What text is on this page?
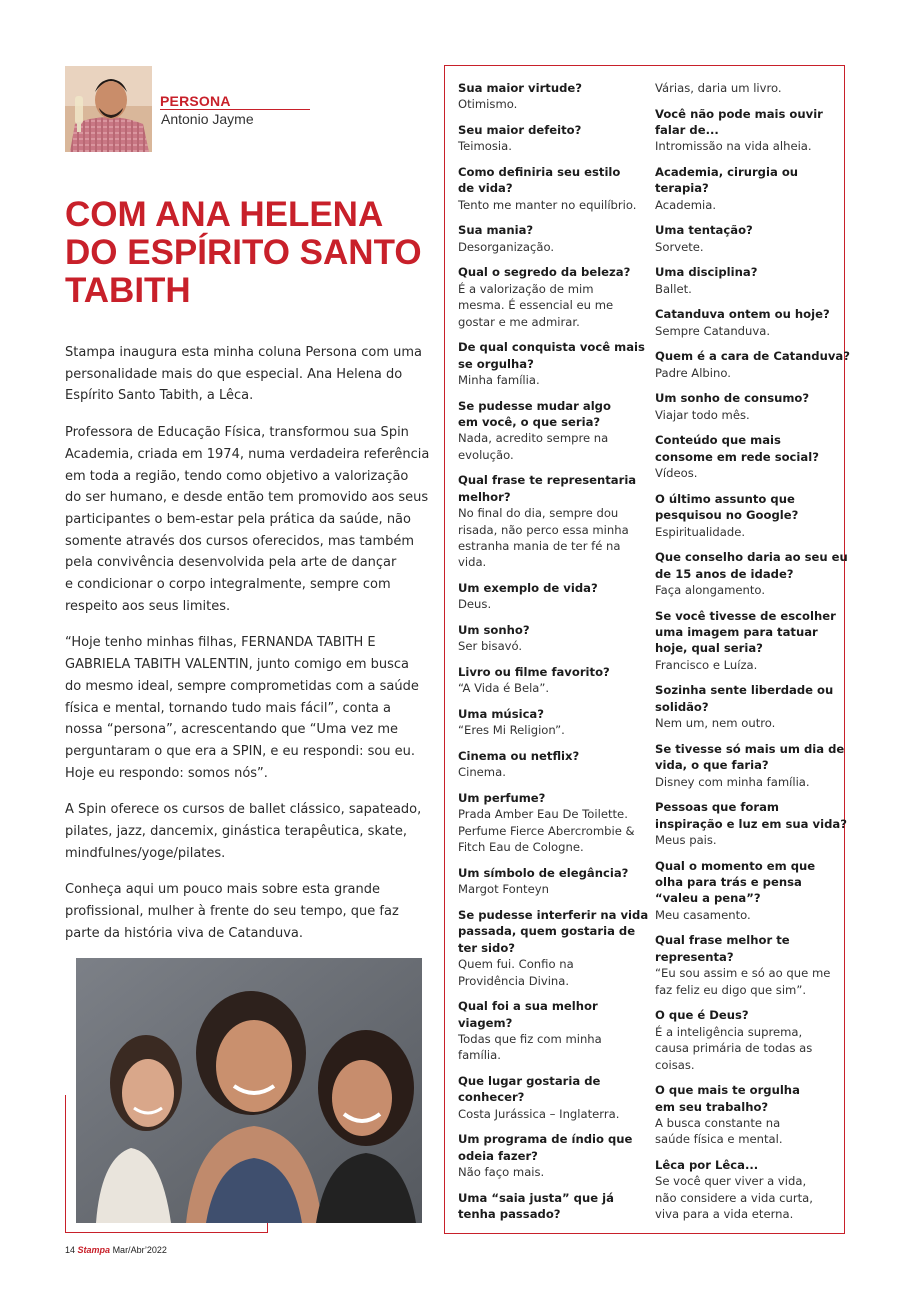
PERSONA
Antonio Jayme
COM ANA HELENA
DO ESPÍRITO SANTO
TABITH

Stampa inaugura esta minha coluna Persona com uma
personalidade mais do que especial. Ana Helena do
Espírito Santo Tabith, a Lêca.

Professora de Educação Física, transformou sua Spin
Academia, criada em 1974, numa verdadeira referência
em toda a região, tendo como objetivo a valorização
do ser humano, e desde então tem promovido aos seus
participantes o bem-estar pela prática da saúde, não
somente através dos cursos oferecidos, mas também
pela convivência desenvolvida pela arte de dançar
e condicionar o corpo integralmente, sempre com
respeito aos seus limites.

“Hoje tenho minhas filhas, FERNANDA TABITH E
GABRIELA TABITH VALENTIN, junto comigo em busca
do mesmo ideal, sempre comprometidas com a saúde
física e mental, tornando tudo mais fácil”, conta a
nossa “persona”, acrescentando que “Uma vez me
perguntaram o que era a SPIN, e eu respondi: sou eu.
Hoje eu respondo: somos nós”.

A Spin oferece os cursos de ballet clássico, sapateado,
pilates, jazz, dancemix, ginástica terapêutica, skate,
mindfulnes/yoge/pilates.

Conheça aqui um pouco mais sobre esta grande
profissional, mulher à frente do seu tempo, que faz
parte da história viva de Catanduva.

Sua maior virtude?
Otimismo.
Seu maior defeito?
Teimosia.
Como definiria seu estilo
de vida?
Tento me manter no equilíbrio.
Sua mania?
Desorganização.
Qual o segredo da beleza?
É a valorização de mim
mesma. É essencial eu me
gostar e me admirar.
De qual conquista você mais
se orgulha?
Minha família.
Se pudesse mudar algo
em você, o que seria?
Nada, acredito sempre na
evolução.
Qual frase te representaria
melhor?
No final do dia, sempre dou
risada, não perco essa minha
estranha mania de ter fé na
vida.
Um exemplo de vida?
Deus.
Um sonho?
Ser bisavó.
Livro ou filme favorito?
“A Vida é Bela”.
Uma música?
“Eres Mi Religion”.
Cinema ou netflix?
Cinema.
Um perfume?
Prada Amber Eau De Toilette.
Perfume Fierce Abercrombie &
Fitch Eau de Cologne.
Um símbolo de elegância?
Margot Fonteyn
Se pudesse interferir na vida
passada, quem gostaria de
ter sido?
Quem fui. Confio na
Providência Divina.
Qual foi a sua melhor
viagem?
Todas que fiz com minha
família.
Que lugar gostaria de
conhecer?
Costa Jurássica – Inglaterra.
Um programa de índio que
odeia fazer?
Não faço mais.
Uma “saia justa” que já
tenha passado?
Várias, daria um livro.
Você não pode mais ouvir
falar de...
Intromissão na vida alheia.
Academia, cirurgia ou
terapia?
Academia.
Uma tentação?
Sorvete.
Uma disciplina?
Ballet.
Catanduva ontem ou hoje?
Sempre Catanduva.
Quem é a cara de Catanduva?
Padre Albino.
Um sonho de consumo?
Viajar todo mês.
Conteúdo que mais
consome em rede social?
Vídeos.
O último assunto que
pesquisou no Google?
Espiritualidade.
Que conselho daria ao seu eu
de 15 anos de idade?
Faça alongamento.
Se você tivesse de escolher
uma imagem para tatuar
hoje, qual seria?
Francisco e Luíza.
Sozinha sente liberdade ou
solidão?
Nem um, nem outro.
Se tivesse só mais um dia de
vida, o que faria?
Disney com minha família.
Pessoas que foram
inspiração e luz em sua vida?
Meus pais.
Qual o momento em que
olha para trás e pensa
“valeu a pena”?
Meu casamento.
Qual frase melhor te
representa?
“Eu sou assim e só ao que me
faz feliz eu digo que sim”.
O que é Deus?
É a inteligência suprema,
causa primária de todas as
coisas.
O que mais te orgulha
em seu trabalho?
A busca constante na
saúde física e mental.
Lêca por Lêca...
Se você quer viver a vida,
não considere a vida curta,
viva para a vida eterna.
14 Stampa Mar/Abr’2022
